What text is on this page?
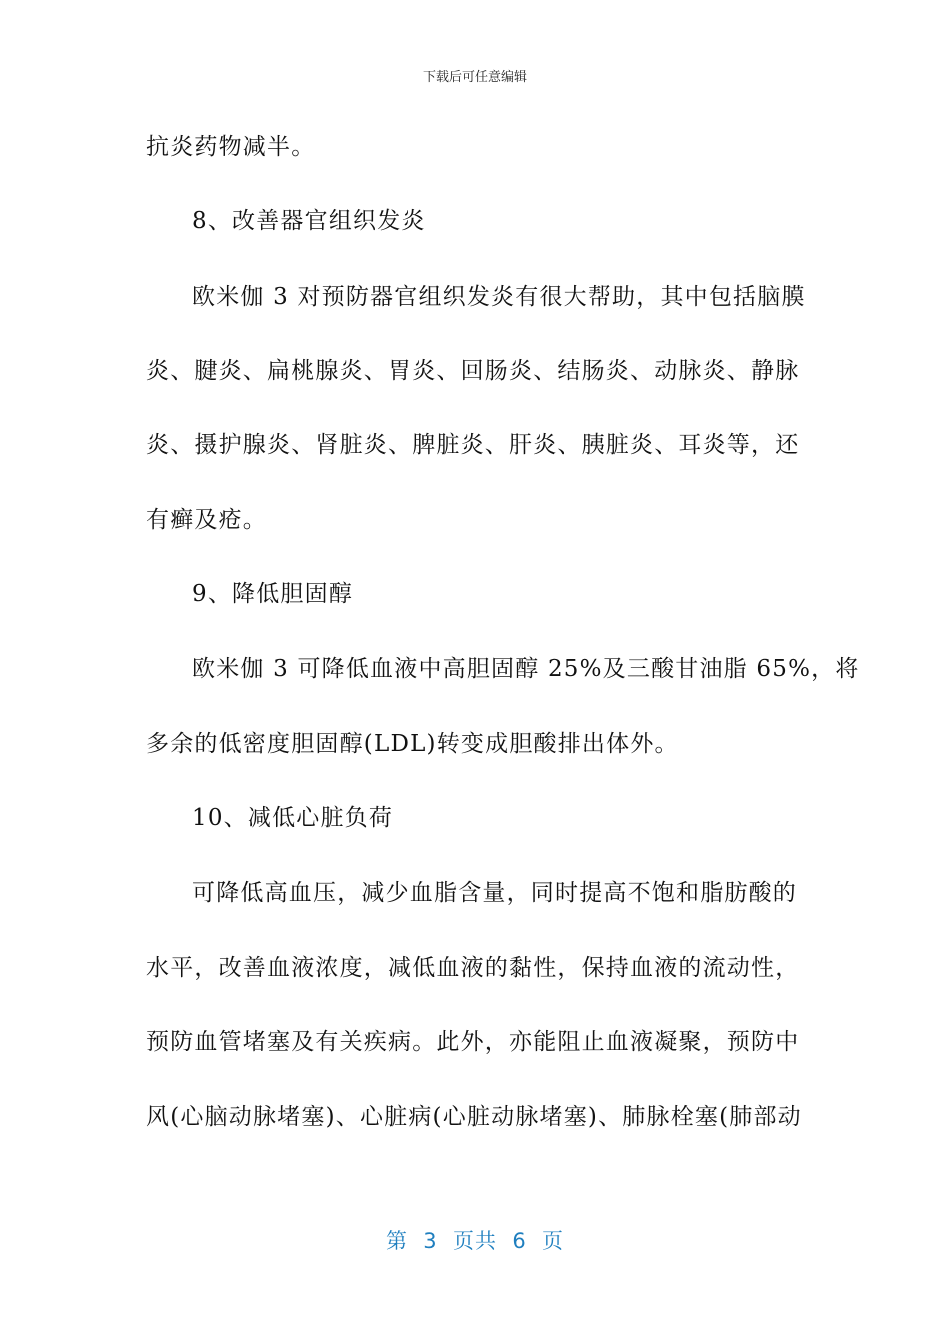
下载后可任意编辑
抗炎药物减半。
8、改善器官组织发炎
欧米伽 3 对预防器官组织发炎有很大帮助，其中包括脑膜
炎、腱炎、扁桃腺炎、胃炎、回肠炎、结肠炎、动脉炎、静脉
炎、摄护腺炎、肾脏炎、脾脏炎、肝炎、胰脏炎、耳炎等，还
有癣及疮。
9、降低胆固醇
欧米伽 3 可降低血液中高胆固醇 25%及三酸甘油脂 65%，将
多余的低密度胆固醇(LDL)转变成胆酸排出体外。
10、减低心脏负荷
可降低高血压，减少血脂含量，同时提高不饱和脂肪酸的
水平，改善血液浓度，减低血液的黏性，保持血液的流动性，
预防血管堵塞及有关疾病。此外，亦能阻止血液凝聚，预防中
风(心脑动脉堵塞)、心脏病(心脏动脉堵塞)、肺脉栓塞(肺部动
第  3  页共  6  页
